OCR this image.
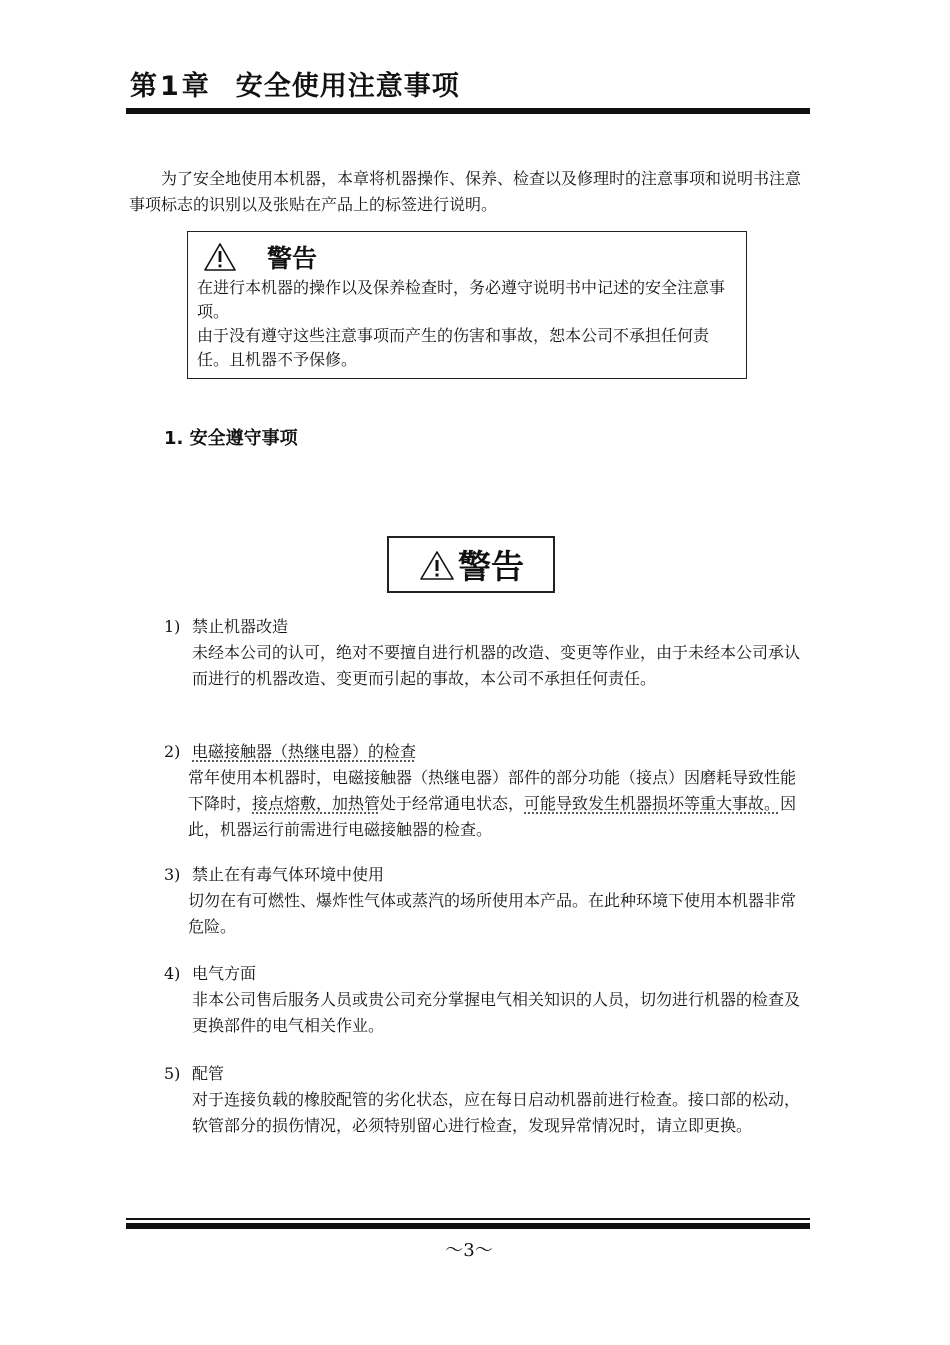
第1章 安全使用注意事项

为了安全地使用本机器，本章将机器操作、保养、检查以及修理时的注意事项和说明书注意事项标志的识别以及张贴在产品上的标签进行说明。

警告

在进行本机器的操作以及保养检查时，务必遵守说明书中记述的安全注意事项。

由于没有遵守这些注意事项而产生的伤害和事故，恕本公司不承担任何责任。且机器不予保修。

1. 安全遵守事项
警告
1) 禁止机器改造

未经本公司的认可，绝对不要擅自进行机器的改造、变更等作业，由于未经本公司承认而进行的机器改造、变更而引起的事故，本公司不承担任何责任。

2) 电磁接触器（热继电器）的检查

常年使用本机器时，电磁接触器（热继电器）部件的部分功能（接点）因磨耗导致性能下降时，接点熔敷，加热管处于经常通电状态，可能导致发生机器损坏等重大事故。因此，机器运行前需进行电磁接触器的检查。

3) 禁止在有毒气体环境中使用

切勿在有可燃性、爆炸性气体或蒸汽的场所使用本产品。在此种环境下使用本机器非常危险。

4) 电气方面

非本公司售后服务人员或贵公司充分掌握电气相关知识的人员，切勿进行机器的检查及更换部件的电气相关作业。

5) 配管

对于连接负载的橡胶配管的劣化状态，应在每日启动机器前进行检查。接口部的松动，软管部分的损伤情况，必须特别留心进行检查，发现异常情况时，请立即更换。

～3～
